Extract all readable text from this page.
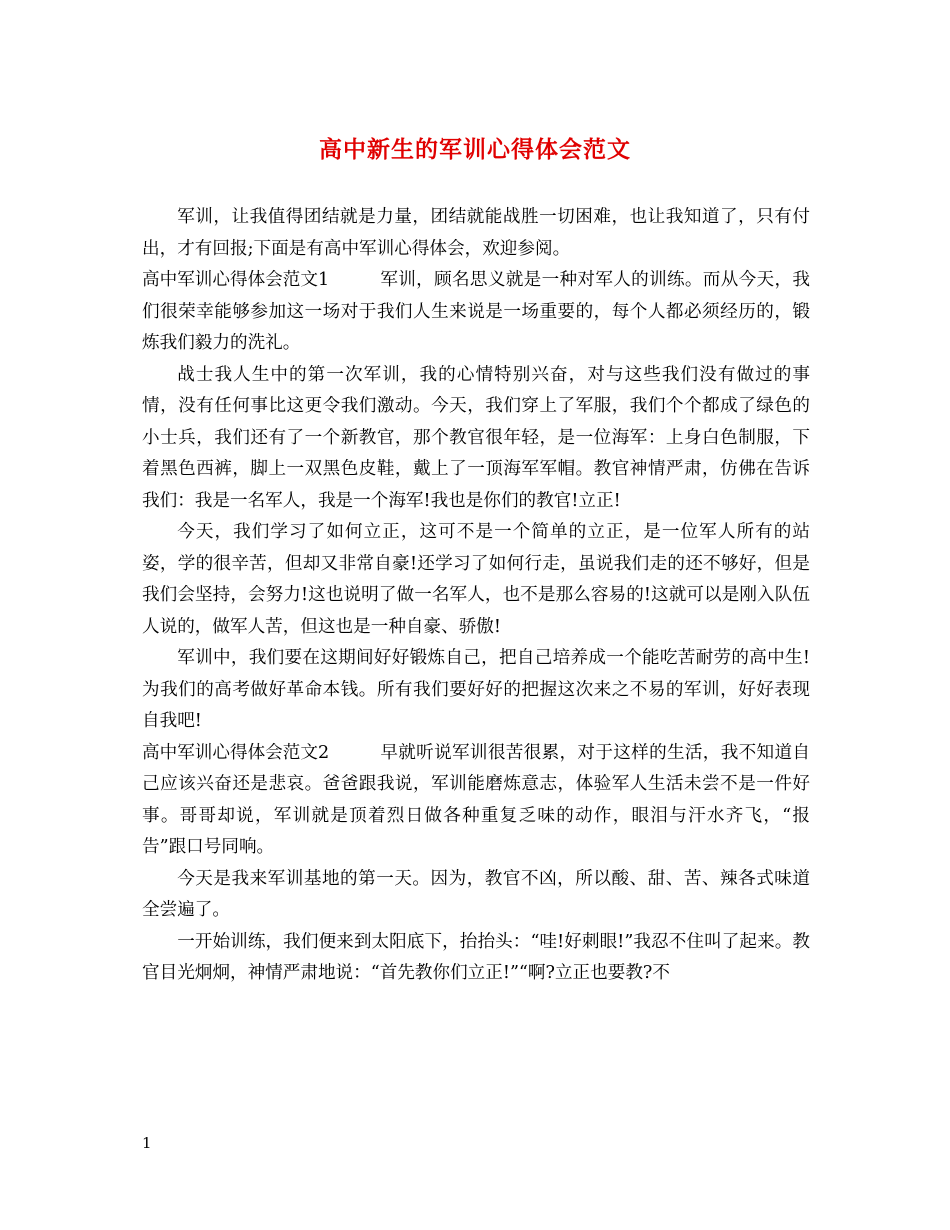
高中新生的军训心得体会范文

军训，让我值得团结就是力量，团结就能战胜一切困难，也让我知道了，只有付出，才有回报;下面是有高中军训心得体会，欢迎参阅。

高中军训心得体会范文1	军训，顾名思义就是一种对军人的训练。而从今天，我们很荣幸能够参加这一场对于我们人生来说是一场重要的，每个人都必须经历的，锻炼我们毅力的洗礼。

战士我人生中的第一次军训，我的心情特别兴奋，对与这些我们没有做过的事情，没有任何事比这更令我们激动。今天，我们穿上了军服，我们个个都成了绿色的小士兵，我们还有了一个新教官，那个教官很年轻，是一位海军：上身白色制服，下着黑色西裤，脚上一双黑色皮鞋，戴上了一顶海军军帽。教官神情严肃，仿佛在告诉我们：我是一名军人，我是一个海军!我也是你们的教官!立正!

今天，我们学习了如何立正，这可不是一个简单的立正，是一位军人所有的站姿，学的很辛苦，但却又非常自豪!还学习了如何行走，虽说我们走的还不够好，但是我们会坚持，会努力!这也说明了做一名军人，也不是那么容易的!这就可以是刚入队伍人说的，做军人苦，但这也是一种自豪、骄傲!

军训中，我们要在这期间好好锻炼自己，把自己培养成一个能吃苦耐劳的高中生!为我们的高考做好革命本钱。所有我们要好好的把握这次来之不易的军训，好好表现自我吧!

高中军训心得体会范文2	早就听说军训很苦很累，对于这样的生活，我不知道自己应该兴奋还是悲哀。爸爸跟我说，军训能磨炼意志，体验军人生活未尝不是一件好事。哥哥却说，军训就是顶着烈日做各种重复乏味的动作，眼泪与汗水齐飞，“报告”跟口号同响。

今天是我来军训基地的第一天。因为，教官不凶，所以酸、甜、苦、辣各式味道全尝遍了。

一开始训练，我们便来到太阳底下，抬抬头：“哇!好刺眼!”我忍不住叫了起来。教官目光炯炯，神情严肃地说：“首先教你们立正!”“啊?立正也要教?不

1
